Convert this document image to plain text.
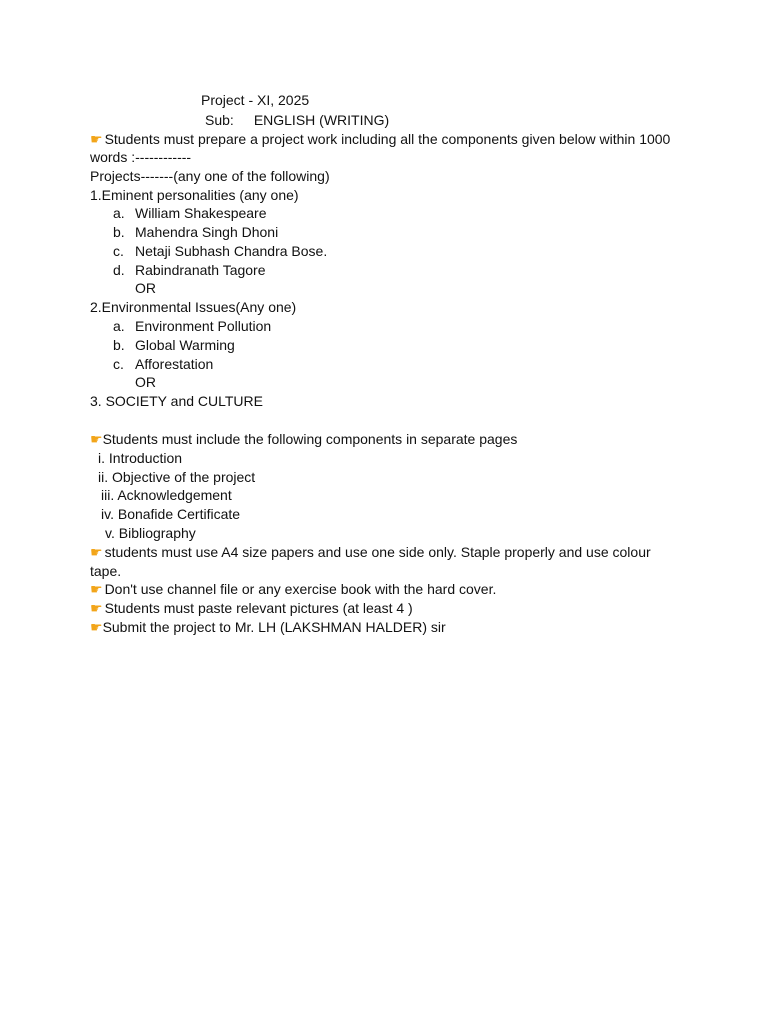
Project - XI, 2025
Sub: ENGLISH (WRITING)
☛ Students must prepare a project work including all the components given below within 1000
words :------------
Projects-------(any one of the following)
1.Eminent personalities (any one)
a. William Shakespeare
b. Mahendra Singh Dhoni
c. Netaji Subhash Chandra Bose.
d. Rabindranath Tagore
OR
2.Environmental Issues(Any one)
a. Environment Pollution
b. Global Warming
c. Afforestation
OR
3. SOCIETY and CULTURE
☛Students must include the following components in separate pages
i. Introduction
ii. Objective of the project
iii. Acknowledgement
iv. Bonafide Certificate
v. Bibliography
☛ students must use A4 size papers and use one side only. Staple properly and use colour
tape.
☛ Don't use channel file or any exercise book with the hard cover.
☛ Students must paste relevant pictures (at least 4 )
☛Submit the project to Mr. LH (LAKSHMAN HALDER) sir
